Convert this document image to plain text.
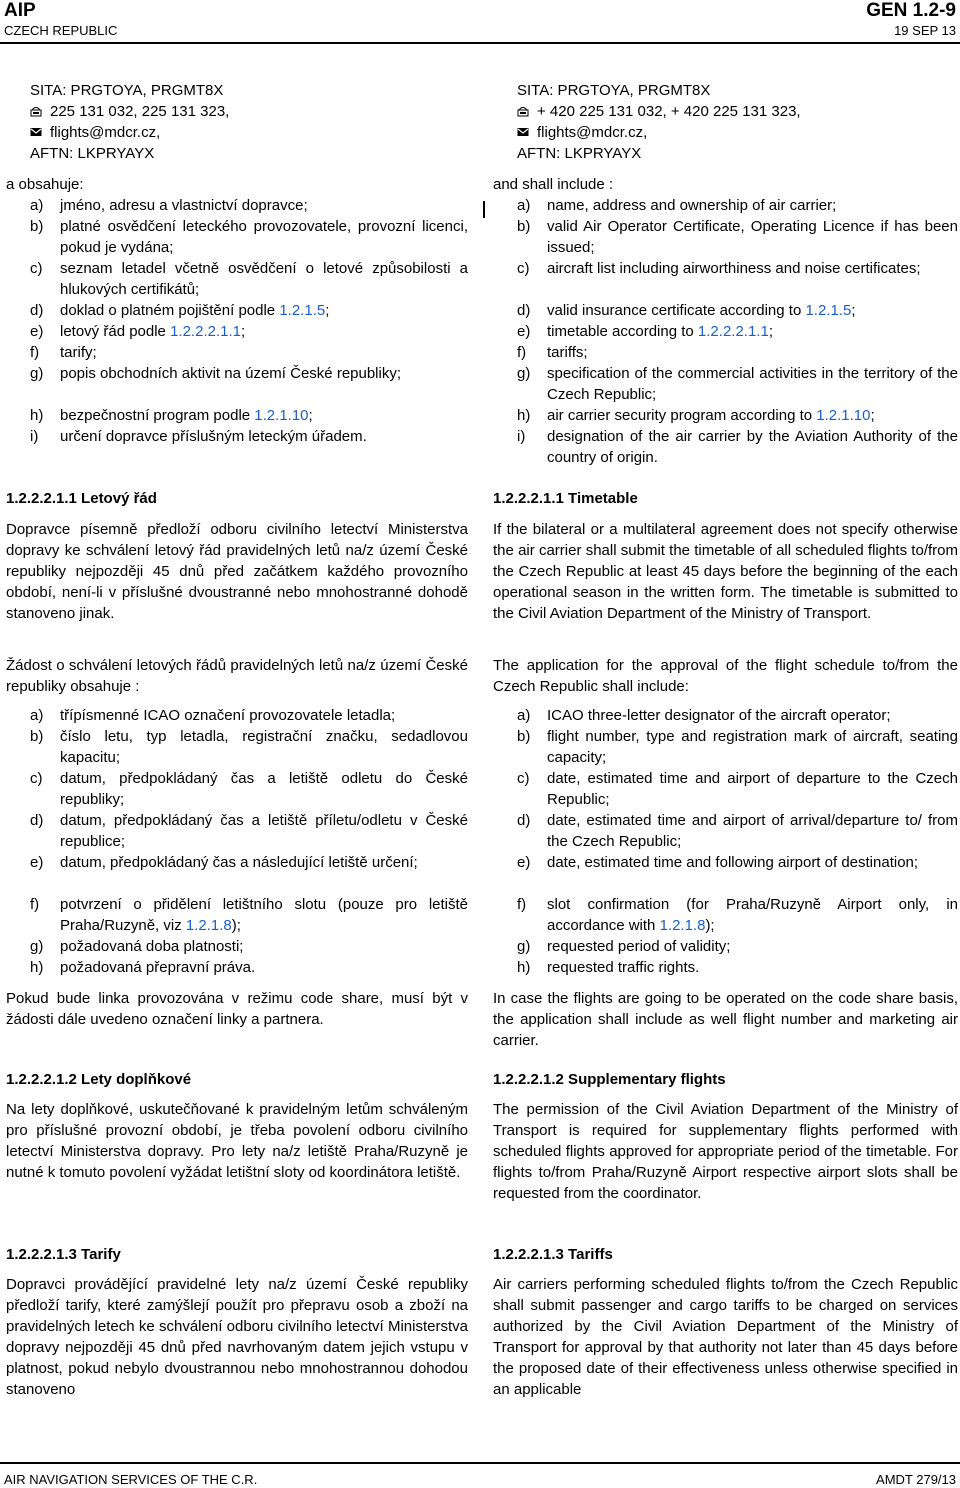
AIP
CZECH REPUBLIC
GEN 1.2-9
19 SEP 13
SITA: PRGTOYA, PRGMT8X
225 131 032, 225 131 323,
flights@mdcr.cz,
AFTN: LKPRYAYX
a obsahuje:
a) jméno, adresu a vlastnictví dopravce;
b) platné osvědčení leteckého provozovatele, provozní licenci, pokud je vydána;
c) seznam letadel včetně osvědčení o letové způsobilosti a hlukových certifikátů;
d) doklad o platném pojištění podle 1.2.1.5;
e) letový řád podle 1.2.2.2.1.1;
f) tarify;
g) popis obchodních aktivit na území České republiky;
h) bezpečnostní program podle 1.2.1.10;
i) určení dopravce příslušným leteckým úřadem.
1.2.2.2.1.1 Letový řád
Dopravce písemně předloží odboru civilního letectví Ministerstva dopravy ke schválení letový řád pravidelných letů na/z území České republiky nejpozději 45 dnů před začátkem každého provozního období, není-li v příslušné dvoustranné nebo mnohostranné dohodě stanoveno jinak.
Žádost o schválení letových řádů pravidelných letů na/z území České republiky obsahuje :
a) třípísmenné ICAO označení provozovatele letadla;
b) číslo letu, typ letadla, registrační značku, sedadlovou kapacitu;
c) datum, předpokládaný čas a letiště odletu do České republiky;
d) datum, předpokládaný čas a letiště příletu/odletu v České republice;
e) datum, předpokládaný čas a následující letiště určení;
f) potvrzení o přidělení letištního slotu (pouze pro letiště Praha/Ruzyně, viz 1.2.1.8);
g) požadovaná doba platnosti;
h) požadovaná přepravní práva.
Pokud bude linka provozována v režimu code share, musí být v žádosti dále uvedeno označení linky a partnera.
1.2.2.2.1.2 Lety doplňkové
Na lety doplňkové, uskutečňované k pravidelným letům schváleným pro příslušné provozní období, je třeba povolení odboru civilního letectví Ministerstva dopravy. Pro lety na/z letiště Praha/Ruzyně je nutné k tomuto povolení vyžádat letištní sloty od koordinátora letiště.
1.2.2.2.1.3 Tarify
Dopravci provádějící pravidelné lety na/z území České republiky předloží tarify, které zamýšlejí použít pro přepravu osob a zboží na pravidelných letech ke schválení odboru civilního letectví Ministerstva dopravy nejpozději 45 dnů před navrhovaným datem jejich vstupu v platnost, pokud nebylo dvoustrannou nebo mnohostrannou dohodou stanoveno
SITA: PRGTOYA, PRGMT8X
+ 420 225 131 032, + 420 225 131 323,
flights@mdcr.cz,
AFTN: LKPRYAYX
and shall include :
a) name, address and ownership of air carrier;
b) valid Air Operator Certificate, Operating Licence if has been issued;
c) aircraft list including airworthiness and noise certificates;
d) valid insurance certificate according to 1.2.1.5;
e) timetable according to 1.2.2.2.1.1;
f) tariffs;
g) specification of the commercial activities in the territory of the Czech Republic;
h) air carrier security program according to 1.2.1.10;
i) designation of the air carrier by the Aviation Authority of the country of origin.
1.2.2.2.1.1 Timetable
If the bilateral or a multilateral agreement does not specify otherwise the air carrier shall submit the timetable of all scheduled flights to/from the Czech Republic at least 45 days before the beginning of the each operational season in the written form. The timetable is submitted to the Civil Aviation Department of the Ministry of Transport.
The application for the approval of the flight schedule to/from the Czech Republic shall include:
a) ICAO three-letter designator of the aircraft operator;
b) flight number, type and registration mark of aircraft, seating capacity;
c) date, estimated time and airport of departure to the Czech Republic;
d) date, estimated time and airport of arrival/departure to/ from the Czech Republic;
e) date, estimated time and following airport of destination;
f) slot confirmation (for Praha/Ruzyně Airport only, in accordance with 1.2.1.8);
g) requested period of validity;
h) requested traffic rights.
In case the flights are going to be operated on the code share basis, the application shall include as well flight number and marketing air carrier.
1.2.2.2.1.2 Supplementary flights
The permission of the Civil Aviation Department of the Ministry of Transport is required for supplementary flights performed with scheduled flights approved for appropriate period of the timetable. For flights to/from Praha/Ruzyně Airport respective airport slots shall be requested from the coordinator.
1.2.2.2.1.3 Tariffs
Air carriers performing scheduled flights to/from the Czech Republic shall submit passenger and cargo tariffs to be charged on services authorized by the Civil Aviation Department of the Ministry of Transport for approval by that authority not later than 45 days before the proposed date of their effectiveness unless otherwise specified in an applicable
AIR NAVIGATION SERVICES OF THE C.R.	AMDT 279/13
